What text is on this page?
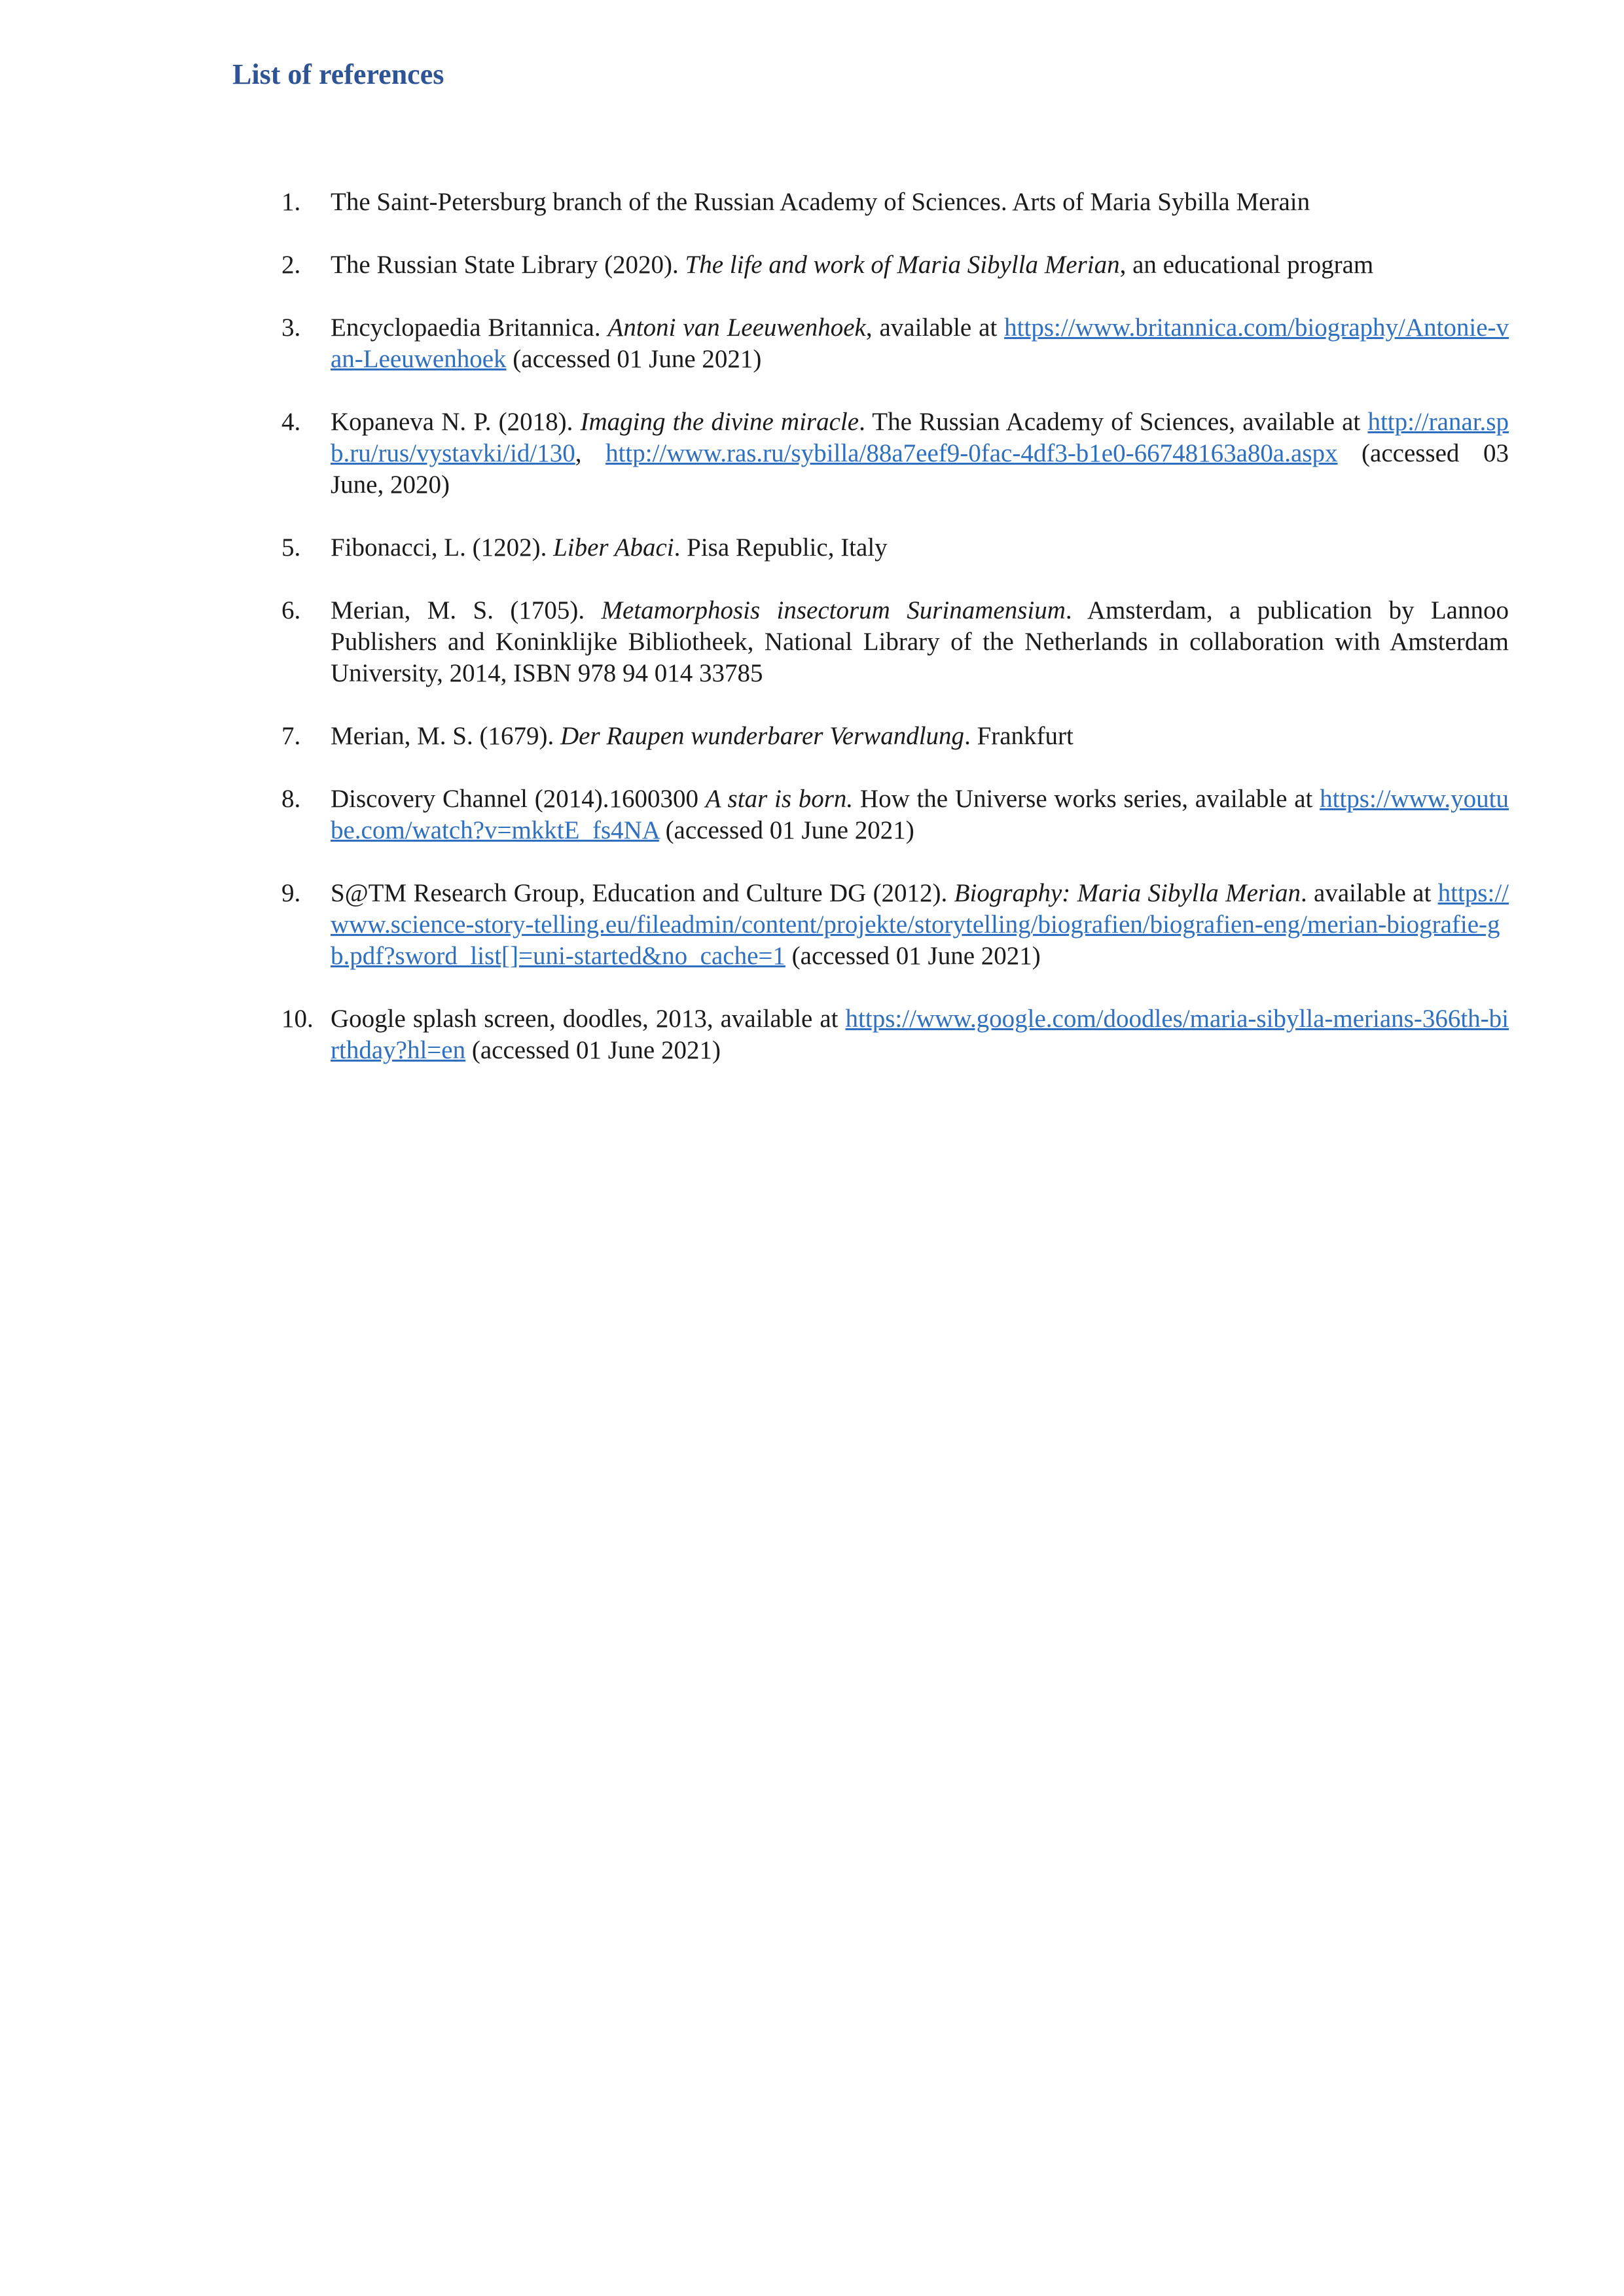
List of references
1.	The Saint-Petersburg branch of the Russian Academy of Sciences. Arts of Maria Sybilla Merain
2.	The Russian State Library (2020). The life and work of Maria Sibylla Merian, an educational program
3.	Encyclopaedia Britannica. Antoni van Leeuwenhoek, available at https://www.britannica.com/biography/Antonie-van-Leeuwenhoek (accessed 01 June 2021)
4.	Kopaneva N. P. (2018). Imaging the divine miracle. The Russian Academy of Sciences, available at http://ranar.spb.ru/rus/vystavki/id/130, http://www.ras.ru/sybilla/88a7eef9-0fac-4df3-b1e0-66748163a80a.aspx (accessed 03 June, 2020)
5.	Fibonacci, L. (1202). Liber Abaci. Pisa Republic, Italy
6.	Merian, M. S. (1705). Metamorphosis insectorum Surinamensium. Amsterdam, a publication by Lannoo Publishers and Koninklijke Bibliotheek, National Library of the Netherlands in collaboration with Amsterdam University, 2014, ISBN 978 94 014 33785
7.	Merian, M. S. (1679). Der Raupen wunderbarer Verwandlung. Frankfurt
8.	Discovery Channel (2014).1600300 A star is born. How the Universe works series, available at https://www.youtube.com/watch?v=mkktE_fs4NA (accessed 01 June 2021)
9.	S@TM Research Group, Education and Culture DG (2012). Biography: Maria Sibylla Merian. available at https://www.science-story-telling.eu/fileadmin/content/projekte/storytelling/biografien/biografien-eng/merian-biografie-gb.pdf?sword_list[]=uni-started&no_cache=1 (accessed 01 June 2021)
10. Google splash screen, doodles, 2013, available at https://www.google.com/doodles/maria-sibylla-merians-366th-birthday?hl=en (accessed 01 June 2021)
